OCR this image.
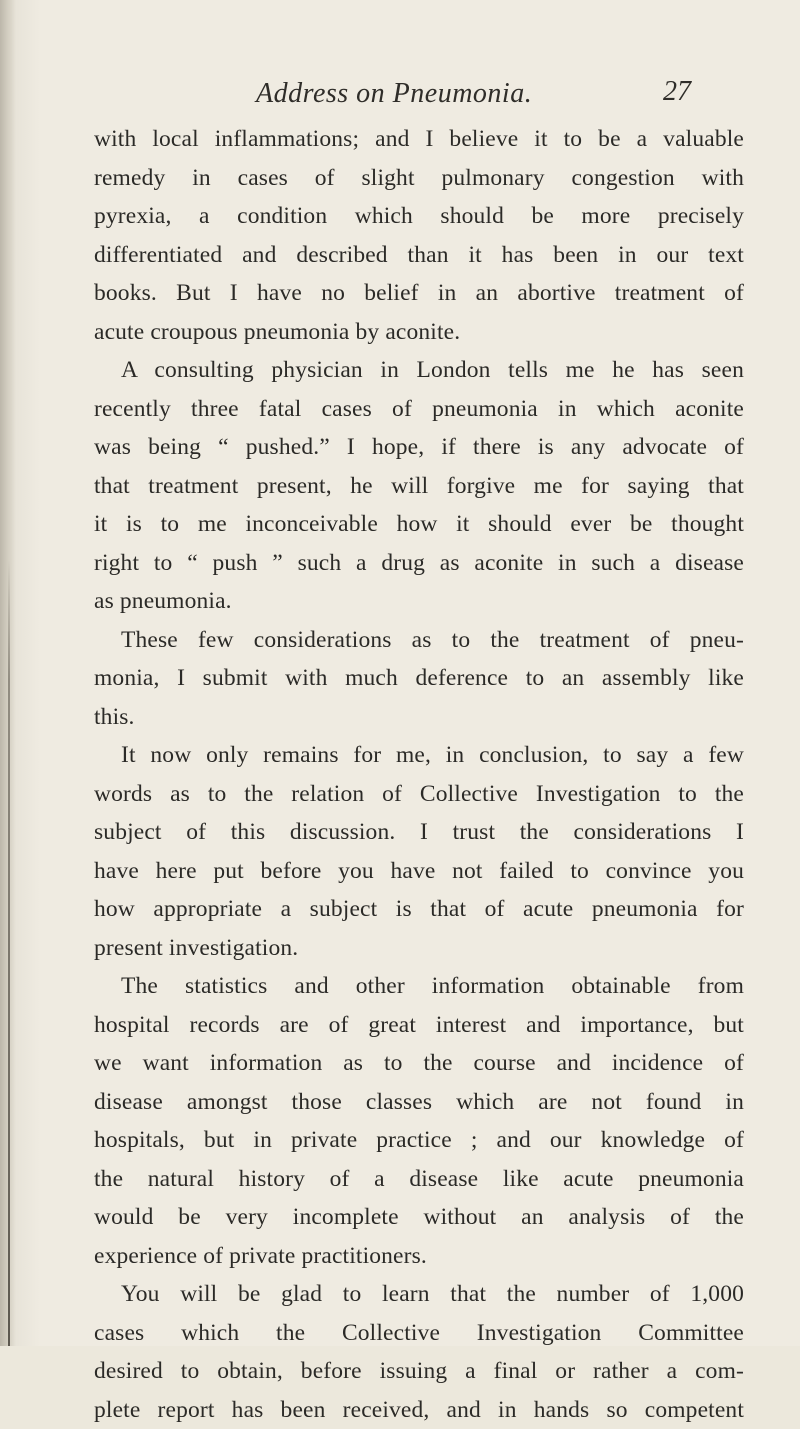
Address on Pneumonia.	27
with local inflammations; and I believe it to be a valuable
remedy in cases of slight pulmonary congestion with
pyrexia, a condition which should be more precisely
differentiated and described than it has been in our text
books. But I have no belief in an abortive treatment of
acute croupous pneumonia by aconite.
A consulting physician in London tells me he has seen
recently three fatal cases of pneumonia in which aconite
was being “ pushed.” I hope, if there is any advocate of
that treatment present, he will forgive me for saying that
it is to me inconceivable how it should ever be thought
right to “ push ” such a drug as aconite in such a disease
as pneumonia.
These few considerations as to the treatment of pneu-
monia, I submit with much deference to an assembly like
this.
It now only remains for me, in conclusion, to say a few
words as to the relation of Collective Investigation to the
subject of this discussion. I trust the considerations I
have here put before you have not failed to convince you
how appropriate a subject is that of acute pneumonia for
present investigation.
The statistics and other information obtainable from
hospital records are of great interest and importance, but
we want information as to the course and incidence of
disease amongst those classes which are not found in
hospitals, but in private practice ; and our knowledge of
the natural history of a disease like acute pneumonia
would be very incomplete without an analysis of the
experience of private practitioners.
You will be glad to learn that the number of 1,000
cases which the Collective Investigation Committee
desired to obtain, before issuing a final or rather a com-
plete report has been received, and in hands so competent
